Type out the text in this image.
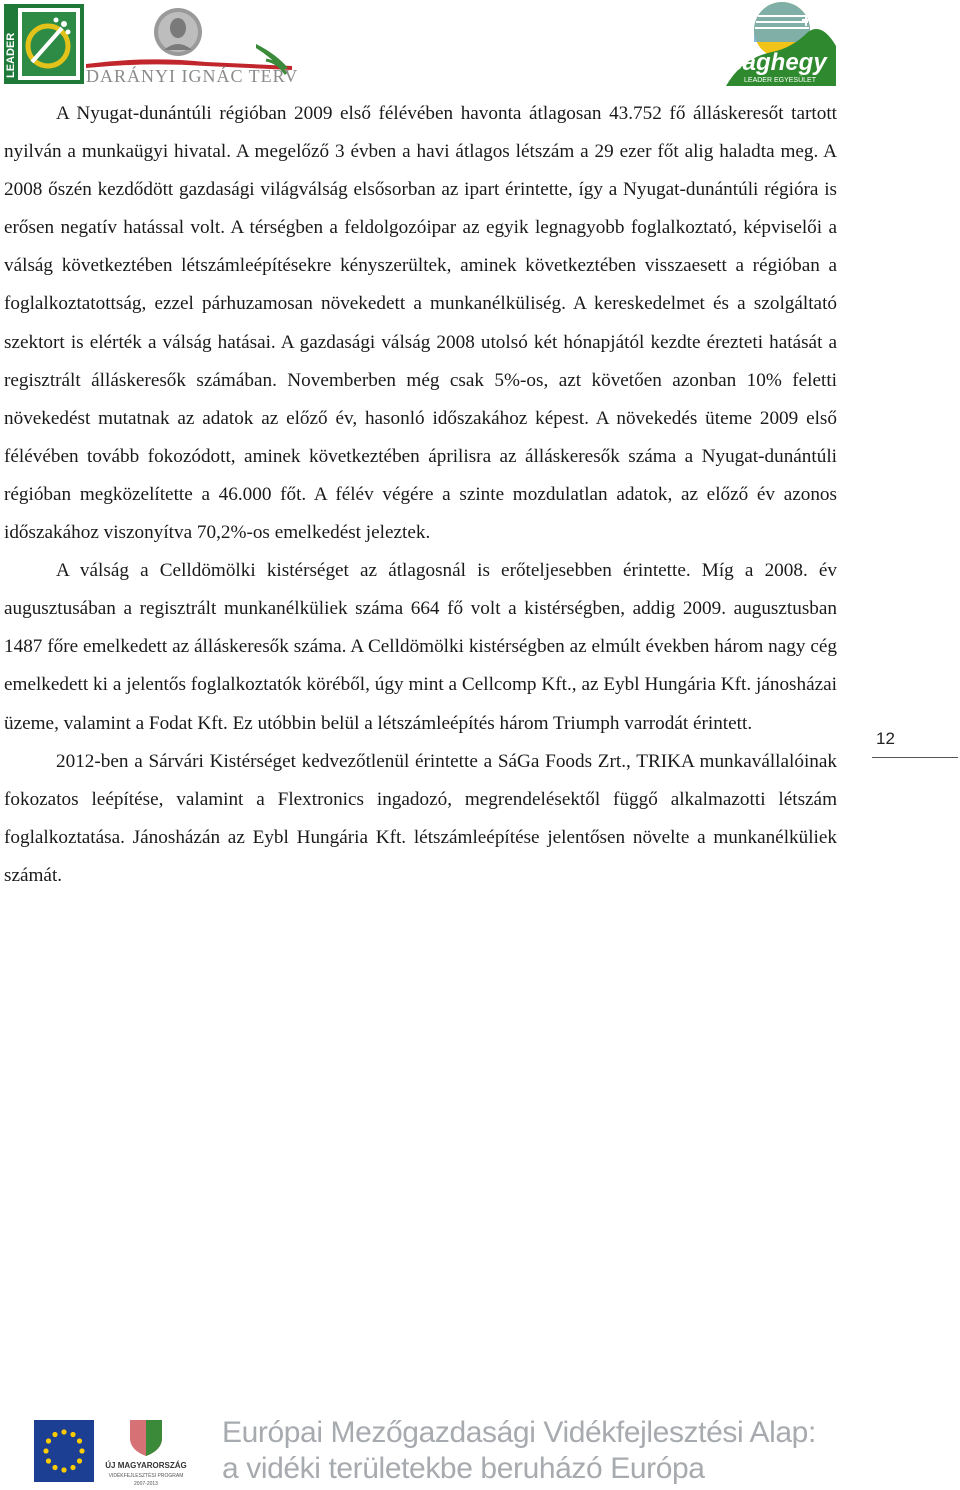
LEADER	DARÁNYI IGNÁC TERV	sághegy
LEADER EGYESÜLET

A Nyugat-dunántúli régióban 2009 első félévében havonta átlagosan 43.752 fő álláskeresőt tartott nyilván a munkaügyi hivatal. A megelőző 3 évben a havi átlagos létszám a 29 ezer főt alig haladta meg. A 2008 őszén kezdődött gazdasági világválság elsősorban az ipart érintette, így a Nyugat-dunántúli régióra is erősen negatív hatással volt. A térségben a feldolgozóipar az egyik legnagyobb foglalkoztató, képviselői a válság következtében létszámleépítésekre kényszerültek, aminek következtében visszaesett a régióban a foglalkoztatottság, ezzel párhuzamosan növekedett a munkanélküliség. A kereskedelmet és a szolgáltató szektort is elérték a válság hatásai. A gazdasági válság 2008 utolsó két hónapjától kezdte érezteti hatását a regisztrált álláskeresők számában. Novemberben még csak 5%-os, azt követően azonban 10% feletti növekedést mutatnak az adatok az előző év, hasonló időszakához képest. A növekedés üteme 2009 első félévében tovább fokozódott, aminek következtében áprilisra az álláskeresők száma a Nyugat-dunántúli régióban megközelítette a 46.000 főt. A félév végére a szinte mozdulatlan adatok, az előző év azonos időszakához viszonyítva 70,2%-os emelkedést jeleztek.

A válság a Celldömölki kistérséget az átlagosnál is erőteljesebben érintette. Míg a 2008. év augusztusában a regisztrált munkanélküliek száma 664 fő volt a kistérségben, addig 2009. augusztusban 1487 főre emelkedett az álláskeresők száma. A Celldömölki kistérségben az elmúlt években három nagy cég emelkedett ki a jelentős foglalkoztatók köréből, úgy mint a Cellcomp Kft., az Eybl Hungária Kft. jánosházai üzeme, valamint a Fodat Kft. Ez utóbbin belül a létszámleépítés három Triumph varrodát érintett.

2012-ben a Sárvári Kistérséget kedvezőtlenül érintette a SáGa Foods Zrt., TRIKA munkavállalóinak fokozatos leépítése, valamint a Flextronics ingadozó, megrendelésektől függő alkalmazotti létszám foglalkoztatása. Jánosházán az Eybl Hungária Kft. létszámleépítése jelentősen növelte a munkanélküliek számát.

12
ÚJ MAGYARORSZÁG
VIDÉKFEJLESZTÉSI PROGRAM
2007-2013
Európai Mezőgazdasági Vidékfejlesztési Alap:
a vidéki területekbe beruházó Európa
